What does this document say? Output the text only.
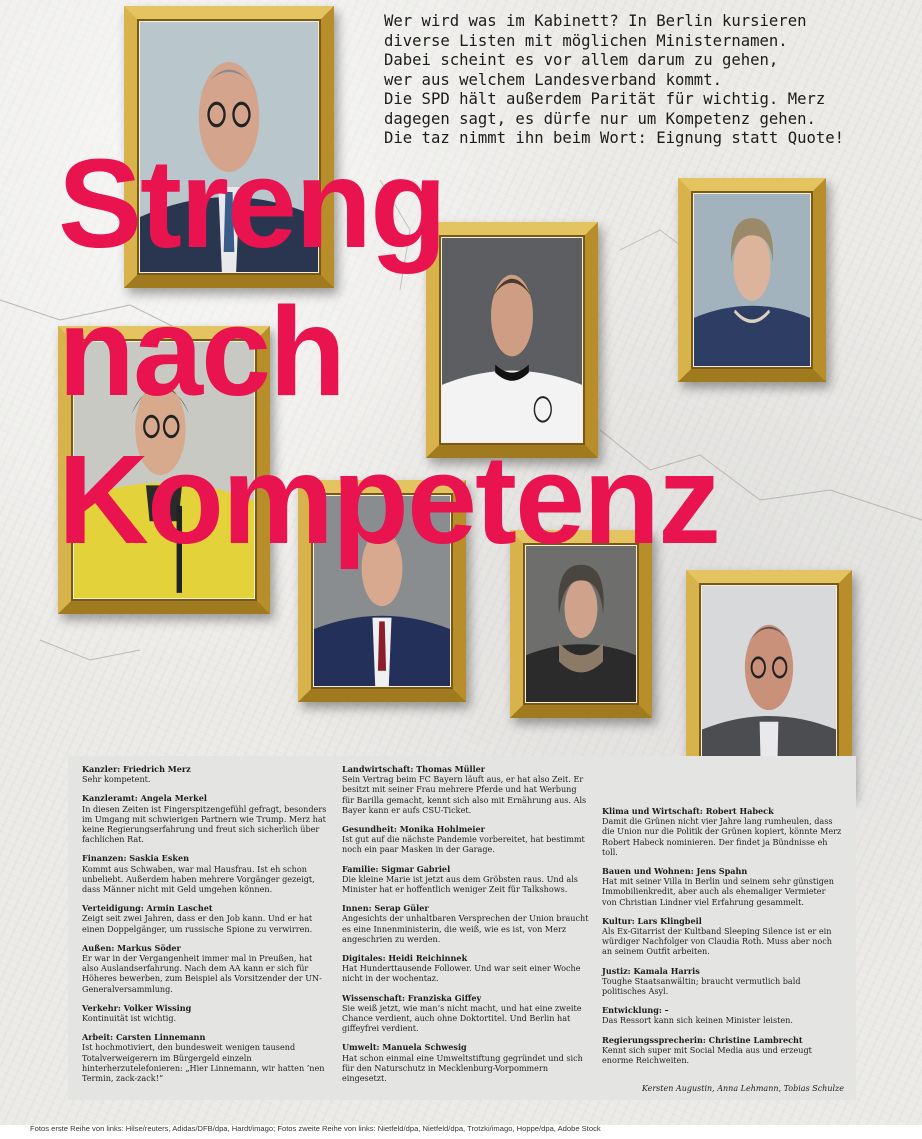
Wer wird was im Kabinett? In Berlin kursieren
diverse Listen mit möglichen Ministernamen.
Dabei scheint es vor allem darum zu gehen,
wer aus welchem Landesverband kommt.
Die SPD hält außerdem Parität für wichtig. Merz
dagegen sagt, es dürfe nur um Kompetenz gehen.
Die taz nimmt ihn beim Wort: Eignung statt Quote!

Streng
nach
Kompetenz
Kanzler: Friedrich Merz

Sehr kompetent.

Kanzleramt: Angela Merkel

In diesen Zeiten ist Fingerspitzengefühl gefragt, besonders im Umgang mit schwierigen Partnern wie Trump. Merz hat keine Regierungserfahrung und freut sich sicherlich über fachlichen Rat.

Finanzen: Saskia Esken

Kommt aus Schwaben, war mal Hausfrau. Ist eh schon unbeliebt. Außerdem haben mehrere Vorgänger gezeigt, dass Männer nicht mit Geld umgehen können.

Verteidigung: Armin Laschet

Zeigt seit zwei Jahren, dass er den Job kann. Und er hat einen Doppelgänger, um russische Spione zu verwirren.

Außen: Markus Söder

Er war in der Vergangenheit immer mal in Preußen, hat also Auslandserfahrung. Nach dem AA kann er sich für Höheres bewerben, zum Beispiel als Vorsitzender der UN-Generalversammlung.

Verkehr: Volker Wissing

Kontinuität ist wichtig.

Arbeit: Carsten Linnemann

Ist hochmotiviert, den bundesweit wenigen tausend Totalverweigerern im Bürgergeld einzeln hinterherzutelefonieren: „Hier Linnemann, wir hatten ’nen Termin, zack-zack!“

Landwirtschaft: Thomas Müller

Sein Vertrag beim FC Bayern läuft aus, er hat also Zeit. Er besitzt mit seiner Frau mehrere Pferde und hat Werbung für Barilla gemacht, kennt sich also mit Ernährung aus. Als Bayer kann er aufs CSU-Ticket.

Gesundheit: Monika Hohlmeier

Ist gut auf die nächste Pandemie vorbereitet, hat bestimmt noch ein paar Masken in der Garage.

Familie: Sigmar Gabriel

Die kleine Marie ist jetzt aus dem Gröbsten raus. Und als Minister hat er hoffentlich weniger Zeit für Talkshows.

Innen: Serap Güler

Angesichts der unhaltbaren Versprechen der Union braucht es eine Innenministerin, die weiß, wie es ist, von Merz angeschrien zu werden.

Digitales: Heidi Reichinnek

Hat Hunderttausende Follower. Und war seit einer Woche nicht in der wochentaz.

Wissenschaft: Franziska Giffey

Sie weiß jetzt, wie man’s nicht macht, und hat eine zweite Chance verdient, auch ohne Doktortitel. Und Berlin hat giffeyfrei verdient.

Umwelt: Manuela Schwesig

Hat schon einmal eine Umweltstiftung gegründet und sich für den Naturschutz in Mecklenburg-Vorpommern eingesetzt.

Klima und Wirtschaft: Robert Habeck

Damit die Grünen nicht vier Jahre lang rumheulen, dass die Union nur die Politik der Grünen kopiert, könnte Merz Robert Habeck nominieren. Der findet ja Bündnisse eh toll.

Bauen und Wohnen: Jens Spahn

Hat mit seiner Villa in Berlin und seinem sehr günstigen Immobilienkredit, aber auch als ehemaliger Vermieter von Christian Lindner viel Erfahrung gesammelt.

Kultur: Lars Klingbeil

Als Ex-Gitarrist der Kultband Sleeping Silence ist er ein würdiger Nachfolger von Claudia Roth. Muss aber noch an seinem Outfit arbeiten.

Justiz: Kamala Harris

Toughe Staatsanwältin; braucht vermutlich bald politisches Asyl.

Entwicklung: –

Das Ressort kann sich keinen Minister leisten.

Regierungssprecherin: Christine Lambrecht

Kennt sich super mit Social Media aus und erzeugt enorme Reichweiten.

Kersten Augustin, Anna Lehmann, Tobias Schulze

Fotos erste Reihe von links: Hilse/reuters, Adidas/DFB/dpa, Hardt/imago; Fotos zweite Reihe von links: Nietfeld/dpa, Nietfeld/dpa, Trotzki/imago, Hoppe/dpa, Adobe Stock
